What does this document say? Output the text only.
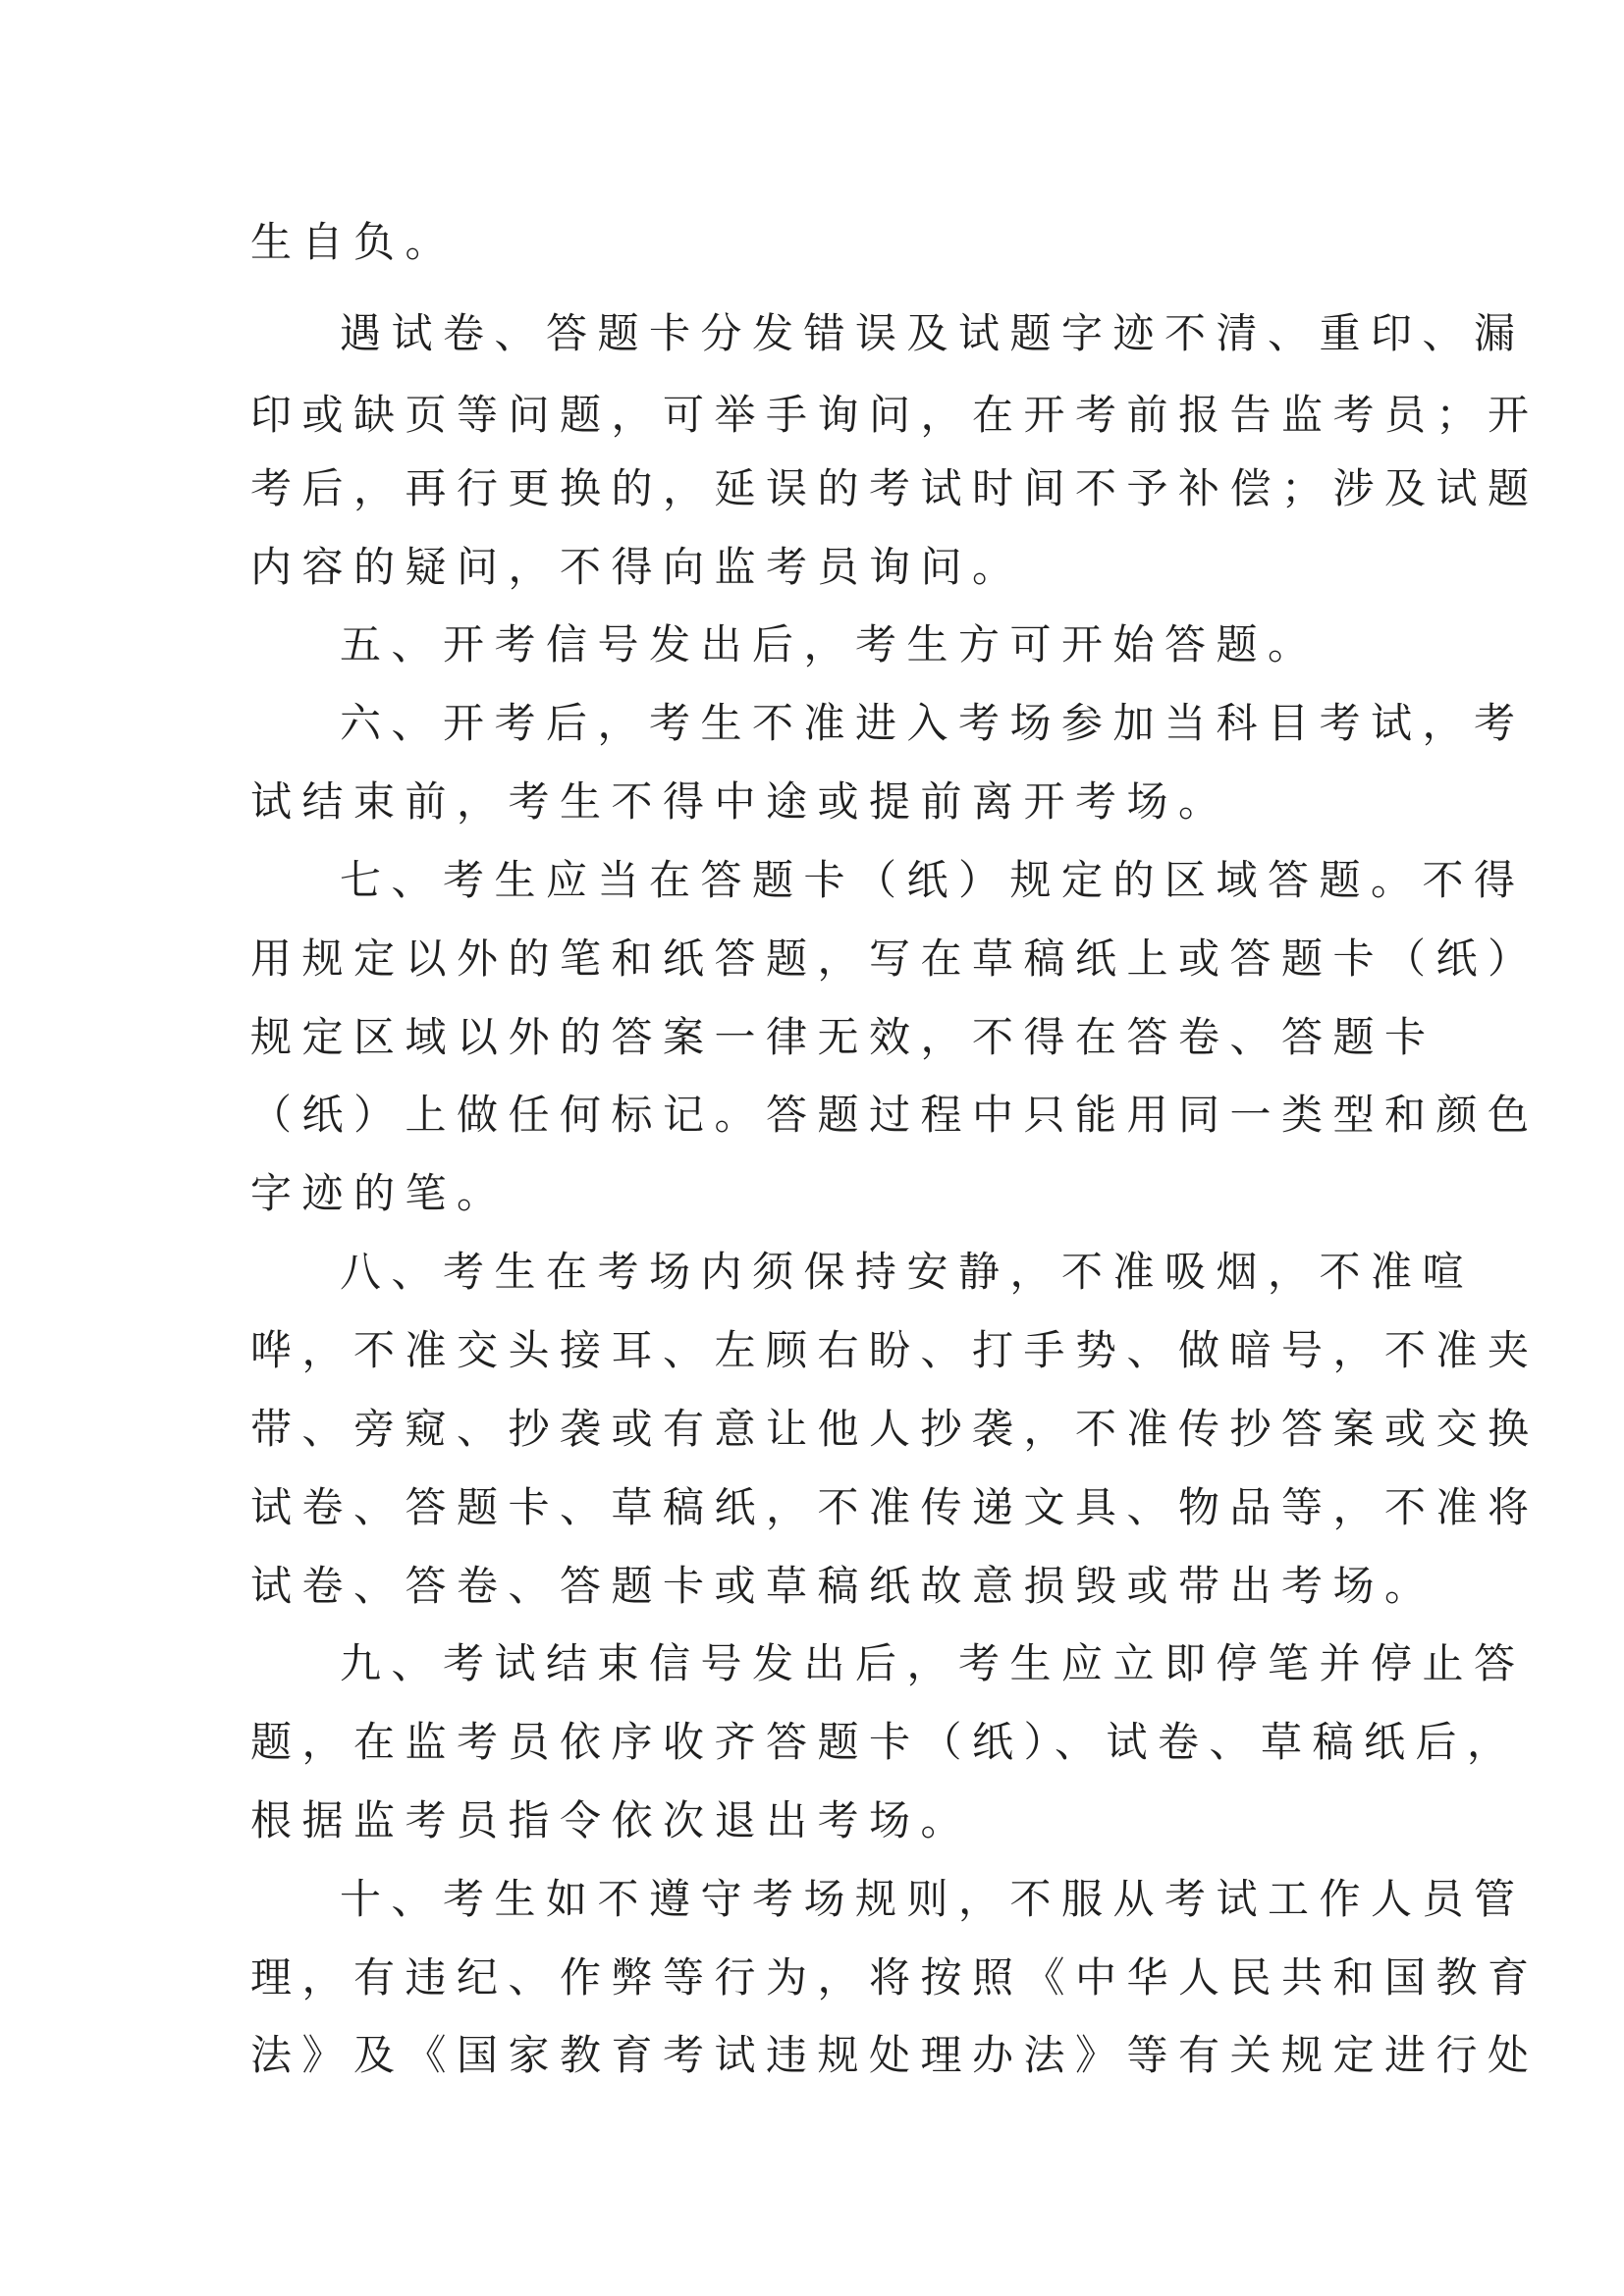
生自负。
遇试卷、答题卡分发错误及试题字迹不清、重印、漏
印或缺页等问题，可举手询问，在开考前报告监考员；开
考后，再行更换的，延误的考试时间不予补偿；涉及试题
内容的疑问，不得向监考员询问。
五、开考信号发出后，考生方可开始答题。
六、开考后，考生不准进入考场参加当科目考试，考
试结束前，考生不得中途或提前离开考场。
七、考生应当在答题卡（纸）规定的区域答题。不得
用规定以外的笔和纸答题，写在草稿纸上或答题卡（纸）
规定区域以外的答案一律无效，不得在答卷、答题卡
（纸）上做任何标记。答题过程中只能用同一类型和颜色
字迹的笔。
八、考生在考场内须保持安静，不准吸烟，不准喧
哗，不准交头接耳、左顾右盼、打手势、做暗号，不准夹
带、旁窥、抄袭或有意让他人抄袭，不准传抄答案或交换
试卷、答题卡、草稿纸，不准传递文具、物品等，不准将
试卷、答卷、答题卡或草稿纸故意损毁或带出考场。
九、考试结束信号发出后，考生应立即停笔并停止答
题，在监考员依序收齐答题卡（纸）、试卷、草稿纸后，
根据监考员指令依次退出考场。
十、考生如不遵守考场规则，不服从考试工作人员管
理，有违纪、作弊等行为，将按照《中华人民共和国教育
法》及《国家教育考试违规处理办法》等有关规定进行处
